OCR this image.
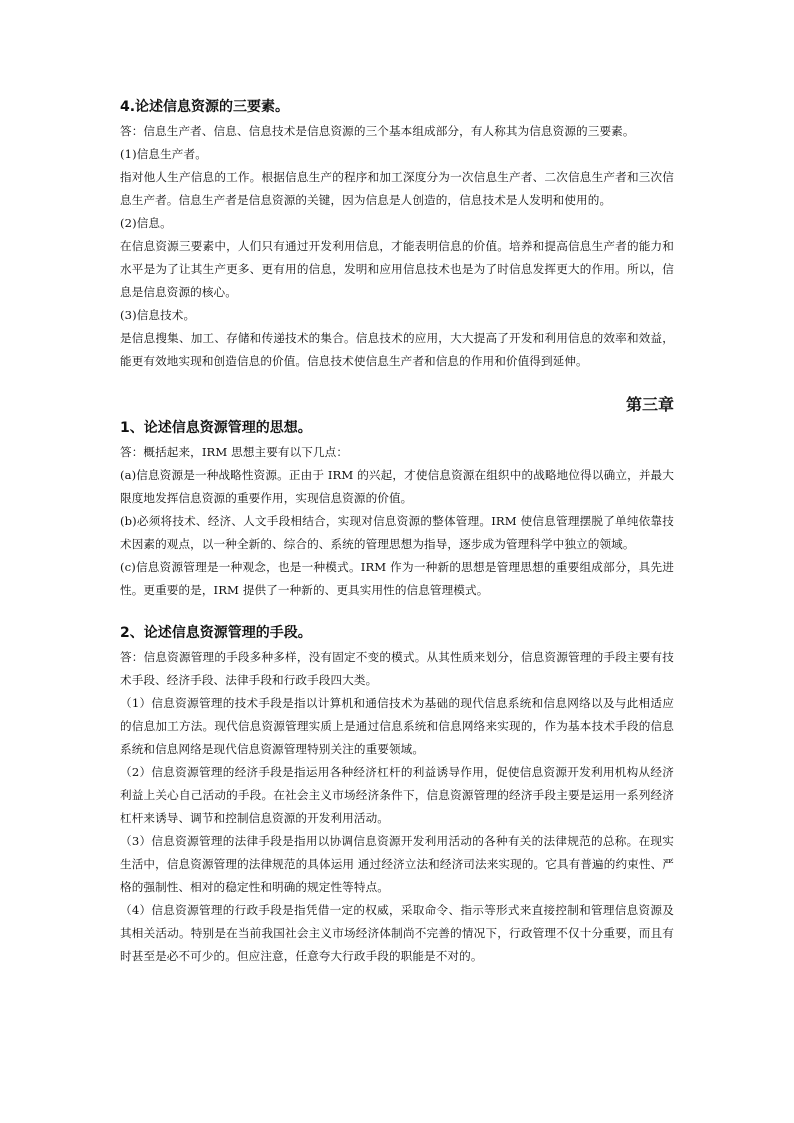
4.论述信息资源的三要素。

答：信息生产者、信息、信息技术是信息资源的三个基本组成部分，有人称其为信息资源的三要素。

(1)信息生产者。

指对他人生产信息的工作。根据信息生产的程序和加工深度分为一次信息生产者、二次信息生产者和三次信息生产者。信息生产者是信息资源的关键，因为信息是人创造的，信息技术是人发明和使用的。

(2)信息。

在信息资源三要素中，人们只有通过开发利用信息，才能表明信息的价值。培养和提高信息生产者的能力和水平是为了让其生产更多、更有用的信息，发明和应用信息技术也是为了时信息发挥更大的作用。所以，信息是信息资源的核心。

(3)信息技术。

是信息搜集、加工、存储和传递技术的集合。信息技术的应用，大大提高了开发和利用信息的效率和效益，能更有效地实现和创造信息的价值。信息技术使信息生产者和信息的作用和价值得到延伸。

第三章
1、论述信息资源管理的思想。

答：概括起来，IRM 思想主要有以下几点：

(a)信息资源是一种战略性资源。正由于 IRM 的兴起，才使信息资源在组织中的战略地位得以确立，并最大限度地发挥信息资源的重要作用，实现信息资源的价值。

(b)必须将技术、经济、人文手段相结合，实现对信息资源的整体管理。IRM 使信息管理摆脱了单纯依靠技术因素的观点，以一种全新的、综合的、系统的管理思想为指导，逐步成为管理科学中独立的领域。

(c)信息资源管理是一种观念，也是一种模式。IRM 作为一种新的思想是管理思想的重要组成部分，具先进性。更重要的是，IRM 提供了一种新的、更具实用性的信息管理模式。

2、论述信息资源管理的手段。

答：信息资源管理的手段多种多样，没有固定不变的模式。从其性质来划分，信息资源管理的手段主要有技术手段、经济手段、法律手段和行政手段四大类。

（1）信息资源管理的技术手段是指以计算机和通信技术为基础的现代信息系统和信息网络以及与此相适应的信息加工方法。现代信息资源管理实质上是通过信息系统和信息网络来实现的，作为基本技术手段的信息系统和信息网络是现代信息资源管理特别关注的重要领域。

（2）信息资源管理的经济手段是指运用各种经济杠杆的利益诱导作用，促使信息资源开发利用机构从经济利益上关心自己活动的手段。在社会主义市场经济条件下，信息资源管理的经济手段主要是运用一系列经济杠杆来诱导、调节和控制信息资源的开发利用活动。

（3）信息资源管理的法律手段是指用以协调信息资源开发利用活动的各种有关的法律规范的总称。在现实生活中，信息资源管理的法律规范的具体运用 通过经济立法和经济司法来实现的。它具有普遍的约束性、严格的强制性、相对的稳定性和明确的规定性等特点。

（4）信息资源管理的行政手段是指凭借一定的权威，采取命令、指示等形式来直接控制和管理信息资源及其相关活动。特别是在当前我国社会主义市场经济体制尚不完善的情况下，行政管理不仅十分重要，而且有时甚至是必不可少的。但应注意，任意夸大行政手段的职能是不对的。
